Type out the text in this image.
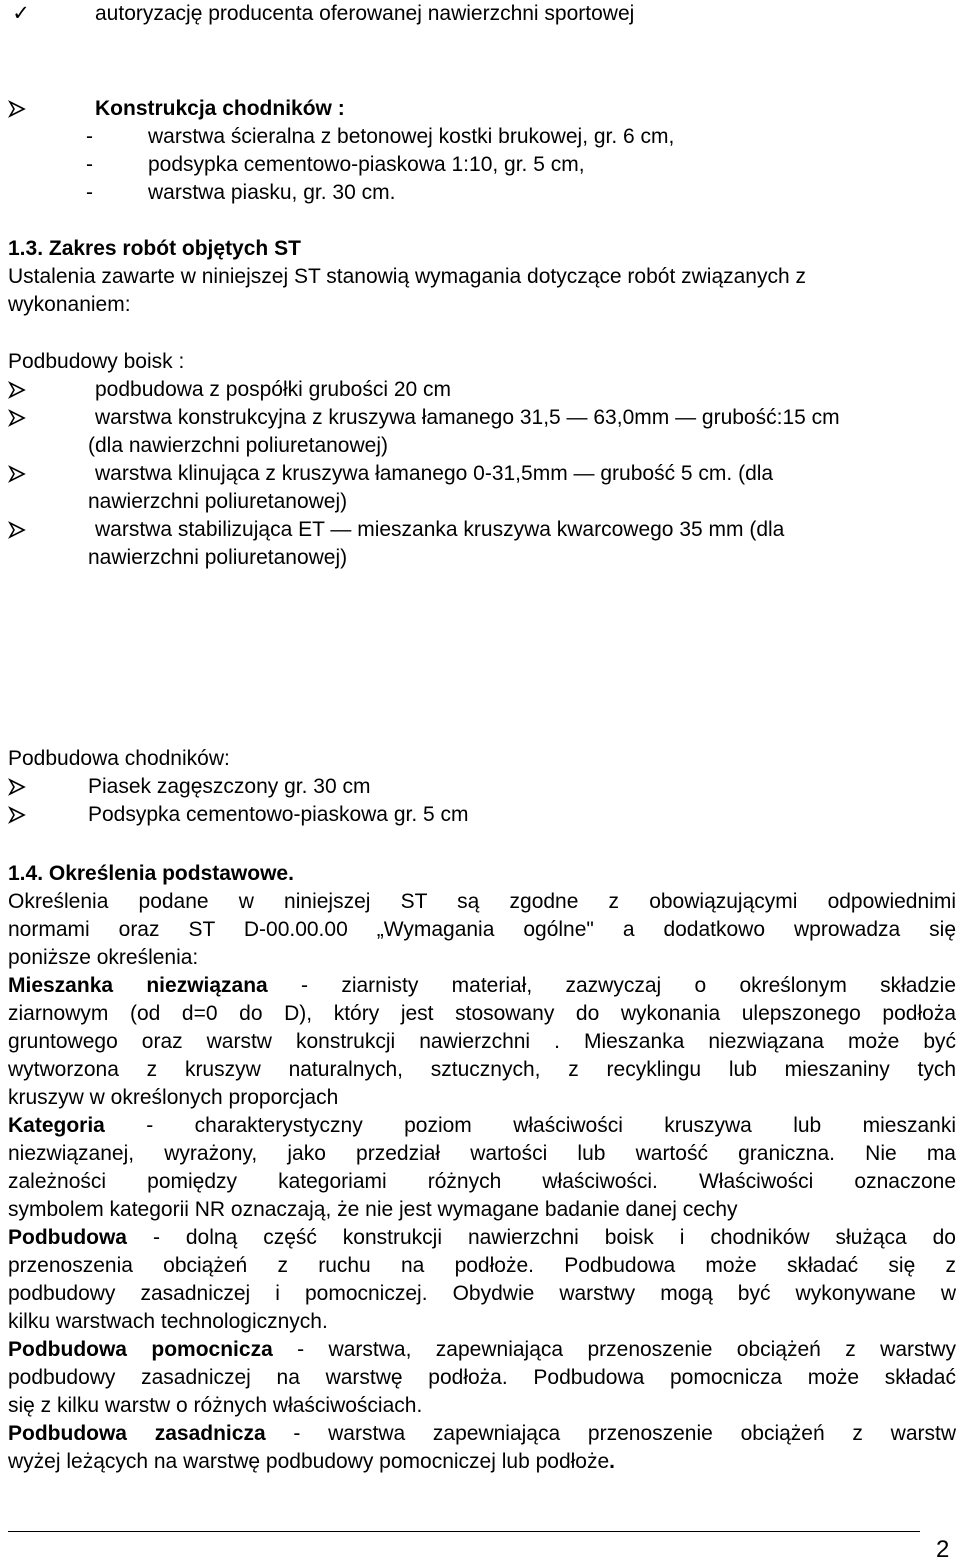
✓	autoryzację producenta oferowanej nawierzchni sportowej
Konstrukcja chodników :
-	warstwa ścieralna z betonowej kostki brukowej, gr. 6 cm,
-	podsypka cementowo-piaskowa 1:10, gr. 5 cm,
-	warstwa piasku, gr. 30 cm.
1.3. Zakres robót objętych ST
Ustalenia zawarte w niniejszej ST stanowią wymagania dotyczące robót związanych z
wykonaniem:
Podbudowy boisk :
podbudowa z pospółki grubości 20 cm
warstwa konstrukcyjna z kruszywa łamanego 31,5 — 63,0mm — grubość:15 cm
(dla nawierzchni poliuretanowej)
warstwa klinująca z kruszywa łamanego 0-31,5mm — grubość 5 cm. (dla
nawierzchni poliuretanowej)
warstwa stabilizująca ET — mieszanka kruszywa kwarcowego 35 mm (dla
nawierzchni poliuretanowej)
Podbudowa chodników:
Piasek zagęszczony gr. 30 cm
Podsypka cementowo-piaskowa gr. 5 cm
1.4. Określenia podstawowe.
Określenia podane w niniejszej ST są zgodne z obowiązującymi odpowiednimi
normami oraz ST D-00.00.00 „Wymagania ogólne" a dodatkowo wprowadza się
poniższe określenia:
Mieszanka niezwiązana - ziarnisty materiał, zazwyczaj o określonym składzie
ziarnowym (od d=0 do D), który jest stosowany do wykonania ulepszonego podłoża
gruntowego oraz warstw konstrukcji nawierzchni . Mieszanka niezwiązana może być
wytworzona z kruszyw naturalnych, sztucznych, z recyklingu lub mieszaniny tych
kruszyw w określonych proporcjach
Kategoria - charakterystyczny poziom właściwości kruszywa lub mieszanki
niezwiązanej, wyrażony, jako przedział wartości lub wartość graniczna. Nie ma
zależności pomiędzy kategoriami różnych właściwości. Właściwości oznaczone
symbolem kategorii NR oznaczają, że nie jest wymagane badanie danej cechy
Podbudowa - dolną część konstrukcji nawierzchni boisk i chodników służąca do
przenoszenia obciążeń z ruchu na podłoże. Podbudowa może składać się z
podbudowy zasadniczej i pomocniczej. Obydwie warstwy mogą być wykonywane w
kilku warstwach technologicznych.
Podbudowa pomocnicza - warstwa, zapewniająca przenoszenie obciążeń z warstwy
podbudowy zasadniczej na warstwę podłoża. Podbudowa pomocnicza może składać
się z kilku warstw o różnych właściwościach.
Podbudowa zasadnicza - warstwa zapewniająca przenoszenie obciążeń z warstw
wyżej leżących na warstwę podbudowy pomocniczej lub podłoże.
2
